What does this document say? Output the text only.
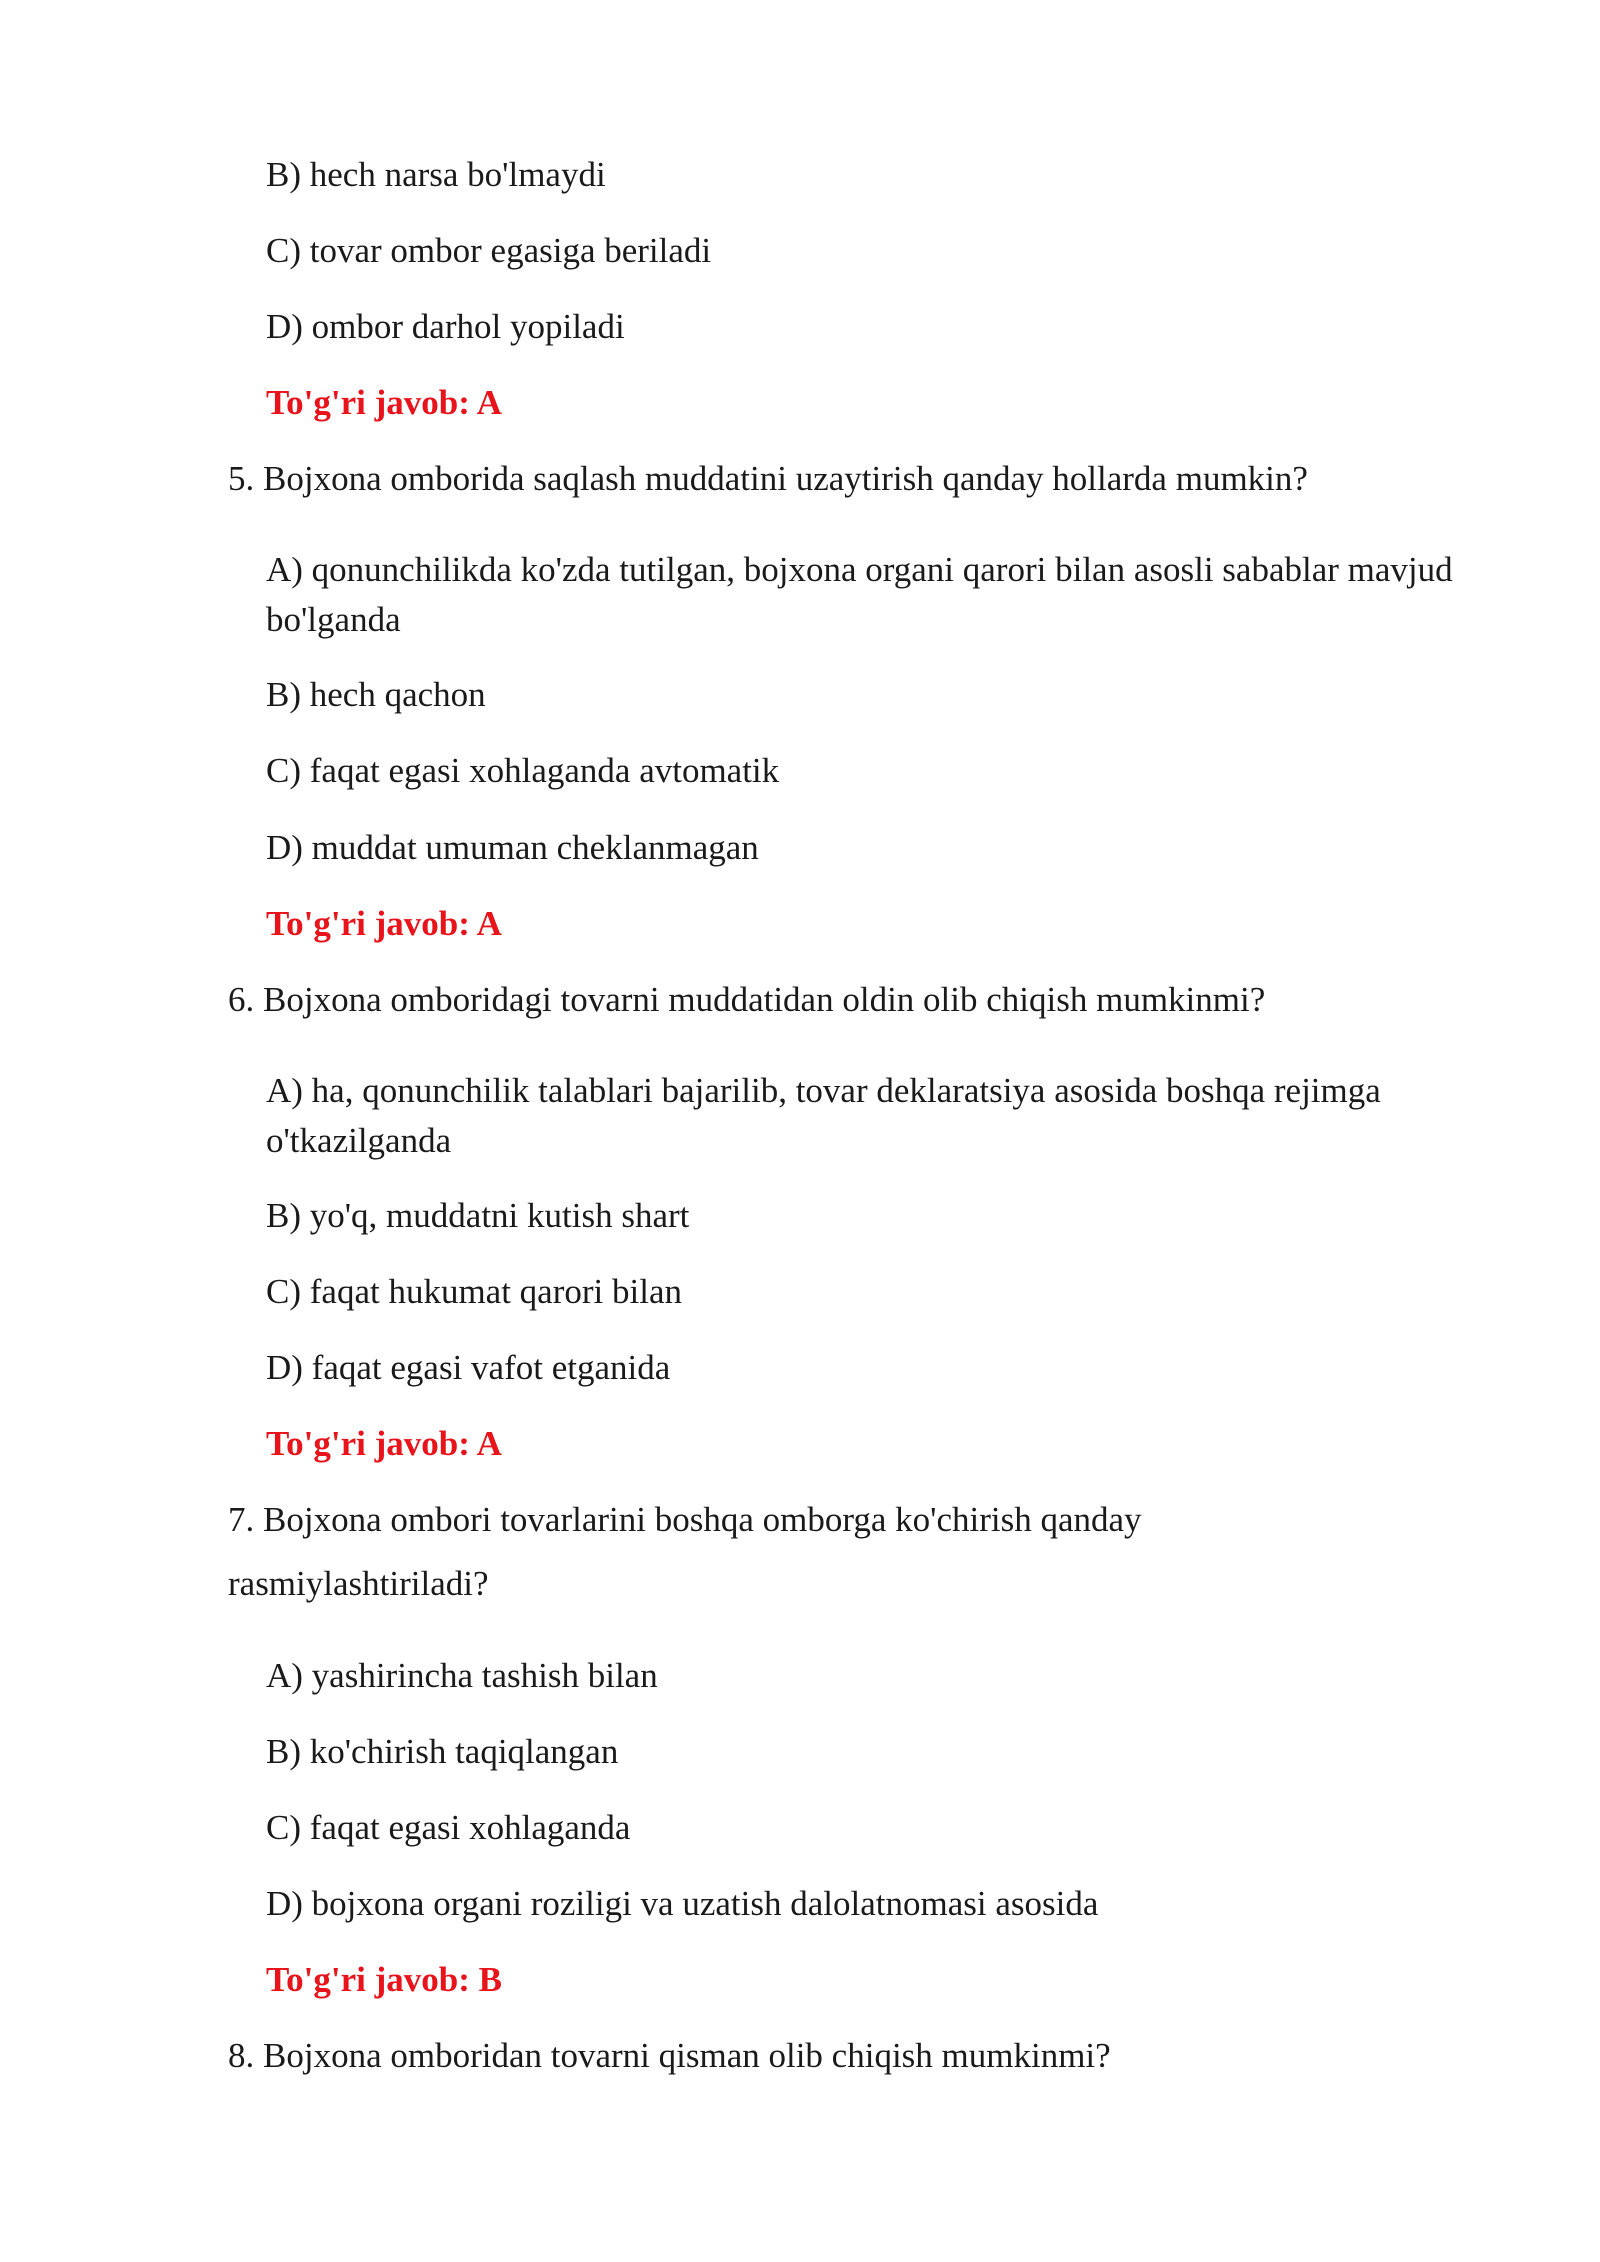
B) hech narsa bo'lmaydi
C) tovar ombor egasiga beriladi
D) ombor darhol yopiladi
To'g'ri javob: A
5. Bojxona omborida saqlash muddatini uzaytirish qanday hollarda mumkin?
A) qonunchilikda ko'zda tutilgan, bojxona organi qarori bilan asosli sabablar mavjud bo'lganda
B) hech qachon
C) faqat egasi xohlaganda avtomatik
D) muddat umuman cheklanmagan
To'g'ri javob: A
6. Bojxona omboridagi tovarni muddatidan oldin olib chiqish mumkinmi?
A) ha, qonunchilik talablari bajarilib, tovar deklaratsiya asosida boshqa rejimga o'tkazilganda
B) yo'q, muddatni kutish shart
C) faqat hukumat qarori bilan
D) faqat egasi vafot etganida
To'g'ri javob: A
7. Bojxona ombori tovarlarini boshqa omborga ko'chirish qanday
rasmiylashtiriladi?
A) yashirincha tashish bilan
B) ko'chirish taqiqlangan
C) faqat egasi xohlaganda
D) bojxona organi roziligi va uzatish dalolatnomasi asosida
To'g'ri javob: B
8. Bojxona omboridan tovarni qisman olib chiqish mumkinmi?
